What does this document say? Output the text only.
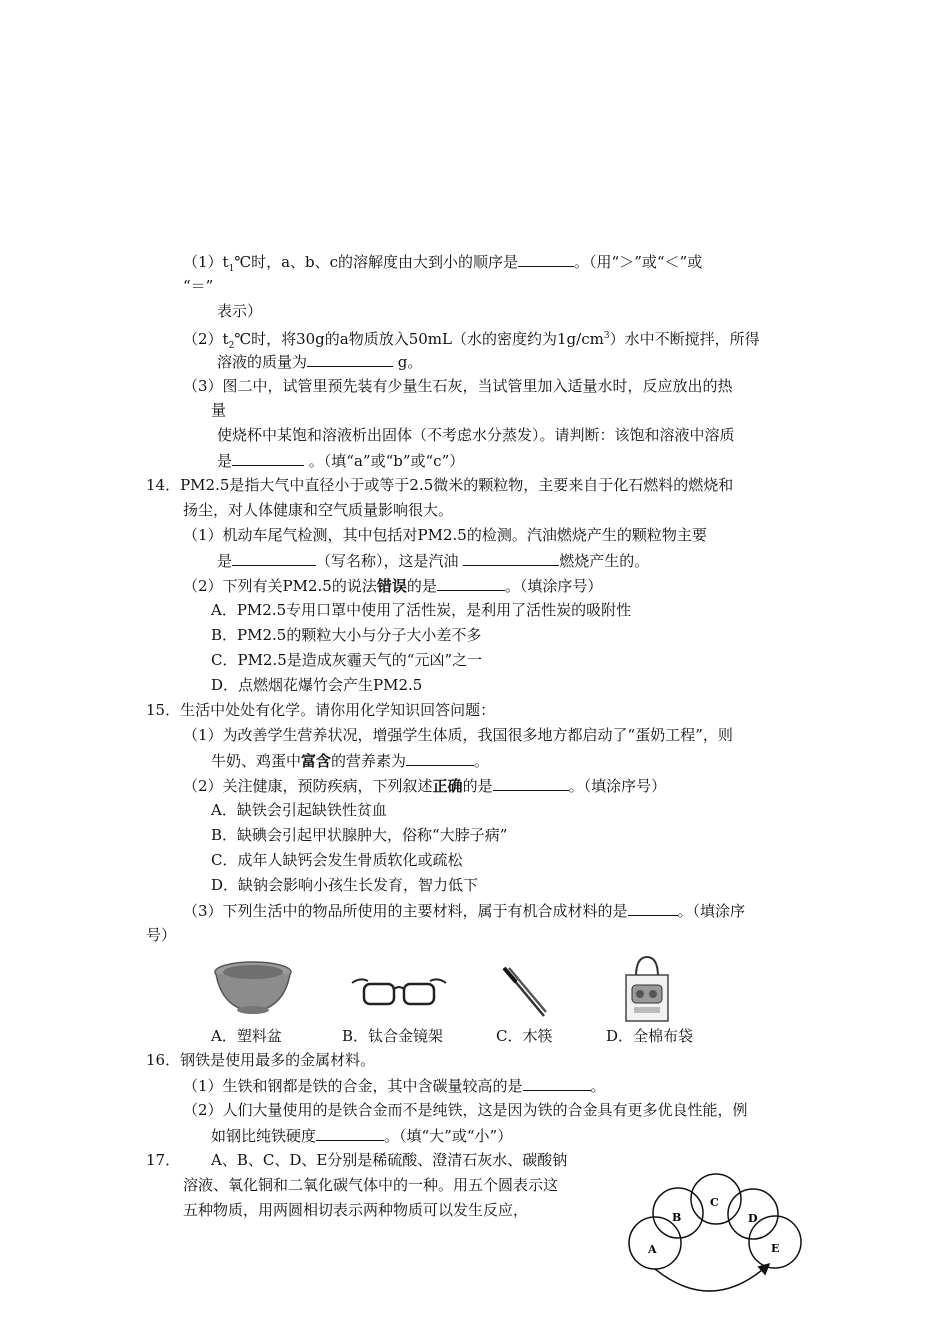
$(1)t_1℃$时，a、b、c的溶解度由大到小的顺序是	。（用“＞”或“＜”或
“＝”
表示）
$(2)t_2℃$时，将30g的a物质放入50mL（水的密度约为$1g/cm^3$）水中不断搅拌，所得
溶液的质量为	g。
（3）图二中，试管里预先装有少量生石灰，当试管里加入适量水时，反应放出的热
量
使烧杯中某饱和溶液析出固体（不考虑水分蒸发）。请判断：该饱和溶液中溶质
是	。（填“a”或“b”或“c”）
14．PM2.5是指大气中直径小于或等于2.5微米的颗粒物，主要来自于化石燃料的燃烧和
扬尘，对人体健康和空气质量影响很大。
（1）机动车尾气检测，其中包括对PM2.5的检测。汽油燃烧产生的颗粒物主要
是	（写名称），这是汽油	燃烧产生的。
（2）下列有关PM2.5的说法错误的是	。（填涂序号）
A．PM2.5专用口罩中使用了活性炭，是利用了活性炭的吸附性
B．PM2.5的颗粒大小与分子大小差不多
C．PM2.5是造成灰霾天气的“元凶”之一
D．点燃烟花爆竹会产生PM2.5
15．生活中处处有化学。请你用化学知识回答问题：
（1）为改善学生营养状况，增强学生体质，我国很多地方都启动了“蛋奶工程”，则
牛奶、鸡蛋中富含的营养素为	。
（2）关注健康，预防疾病，下列叙述正确的是	。（填涂序号）
A．缺铁会引起缺铁性贫血
B．缺碘会引起甲状腺肿大，俗称“大脖子病”
C．成年人缺钙会发生骨质软化或疏松
D．缺钠会影响小孩生长发育，智力低下
（3）下列生活中的物品所使用的主要材料，属于有机合成材料的是	。（填涂序
号）
A．塑料盆	B．钛合金镜架	C．木筷	D．全棉布袋
16．钢铁是使用最多的金属材料。
（1）生铁和钢都是铁的合金，其中含碳量较高的是	。
（2）人们大量使用的是铁合金而不是纯铁，这是因为铁的合金具有更多优良性能，例
如钢比纯铁硬度	。（填“大”或“小”）
17． A、B、C、D、E分别是稀硫酸、澄清石灰水、碳酸钠
溶液、氧化铜和二氧化碳气体中的一种。用五个圆表示这
五种物质，用两圆相切表示两种物质可以发生反应，
A
B
C
D
E
